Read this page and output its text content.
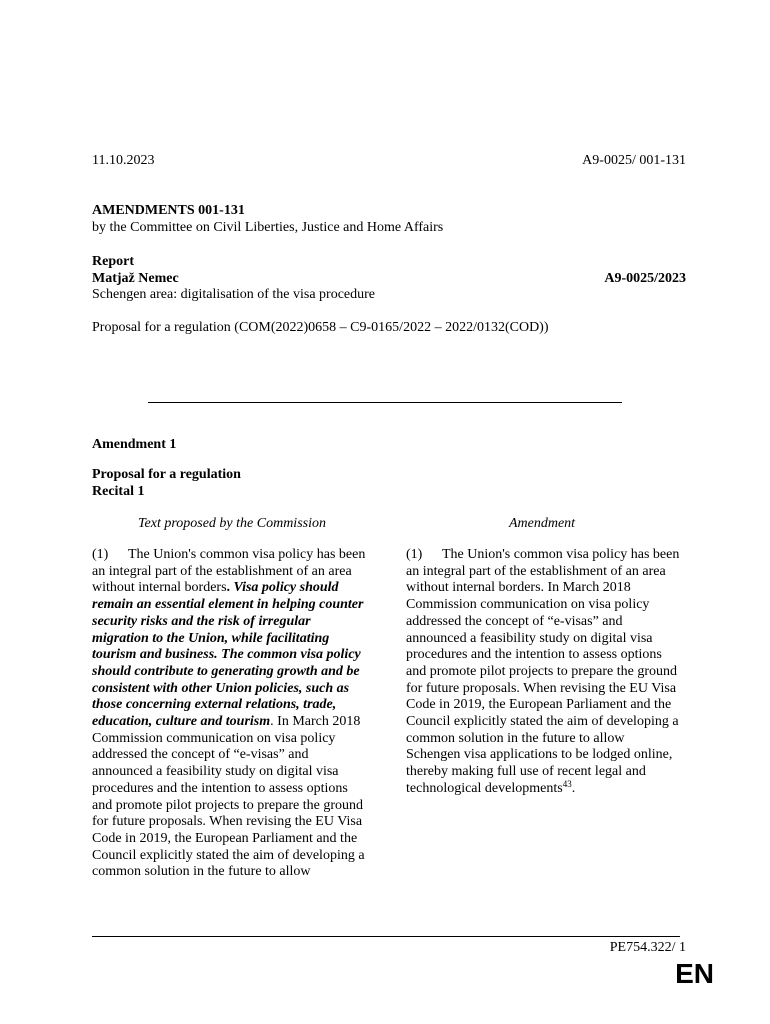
11.10.2023	A9-0025/ 001-131
AMENDMENTS 001-131
by the Committee on Civil Liberties, Justice and Home Affairs
Report
Matjaž Nemec	A9-0025/2023
Schengen area: digitalisation of the visa procedure
Proposal for a regulation (COM(2022)0658 – C9-0165/2022 – 2022/0132(COD))
Amendment 1
Proposal for a regulation
Recital 1
Text proposed by the Commission	Amendment

(1) The Union's common visa policy has been an integral part of the establishment of an area without internal borders. Visa policy should remain an essential element in helping counter security risks and the risk of irregular migration to the Union, while facilitating tourism and business. The common visa policy should contribute to generating growth and be consistent with other Union policies, such as those concerning external relations, trade, education, culture and tourism. In March 2018 Commission communication on visa policy addressed the concept of “e-visas” and announced a feasibility study on digital visa procedures and the intention to assess options and promote pilot projects to prepare the ground for future proposals. When revising the EU Visa Code in 2019, the European Parliament and the Council explicitly stated the aim of developing a common solution in the future to allow

(1) The Union's common visa policy has been an integral part of the establishment of an area without internal borders. In March 2018 Commission communication on visa policy addressed the concept of “e-visas” and announced a feasibility study on digital visa procedures and the intention to assess options and promote pilot projects to prepare the ground for future proposals. When revising the EU Visa Code in 2019, the European Parliament and the Council explicitly stated the aim of developing a common solution in the future to allow Schengen visa applications to be lodged online, thereby making full use of recent legal and technological developments$^{43}$.

PE754.322/ 1
EN
